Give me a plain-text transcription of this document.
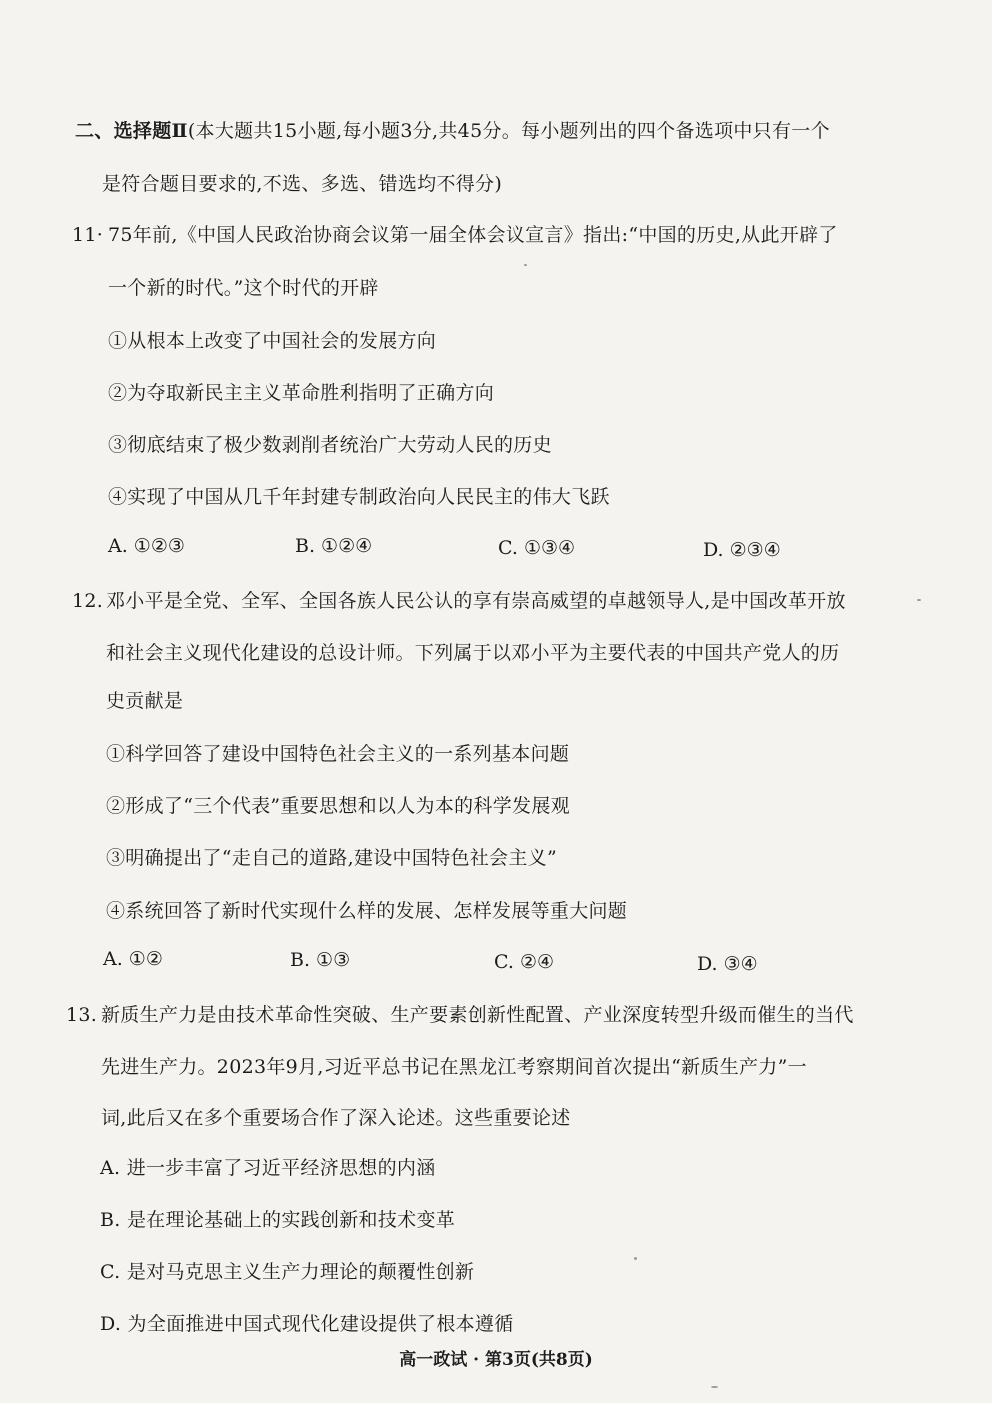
二、选择题Ⅱ(本大题共15小题,每小题3分,共45分。每小题列出的四个备选项中只有一个
是符合题目要求的,不选、多选、错选均不得分)
11· 75年前,《中国人民政治协商会议第一届全体会议宣言》指出:“中国的历史,从此开辟了
一个新的时代。”这个时代的开辟
①从根本上改变了中国社会的发展方向
②为夺取新民主主义革命胜利指明了正确方向
③彻底结束了极少数剥削者统治广大劳动人民的历史
④实现了中国从几千年封建专制政治向人民民主的伟大飞跃
A. ①②③	B. ①②④	C. ①③④	D. ②③④
12. 邓小平是全党、全军、全国各族人民公认的享有崇高威望的卓越领导人,是中国改革开放
和社会主义现代化建设的总设计师。下列属于以邓小平为主要代表的中国共产党人的历
史贡献是
①科学回答了建设中国特色社会主义的一系列基本问题
②形成了“三个代表”重要思想和以人为本的科学发展观
③明确提出了“走自己的道路,建设中国特色社会主义”
④系统回答了新时代实现什么样的发展、怎样发展等重大问题
A. ①②	B. ①③	C. ②④	D. ③④
13. 新质生产力是由技术革命性突破、生产要素创新性配置、产业深度转型升级而催生的当代
先进生产力。2023年9月,习近平总书记在黑龙江考察期间首次提出“新质生产力”一
词,此后又在多个重要场合作了深入论述。这些重要论述
A. 进一步丰富了习近平经济思想的内涵
B. 是在理论基础上的实践创新和技术变革
C. 是对马克思主义生产力理论的颠覆性创新
D. 为全面推进中国式现代化建设提供了根本遵循
高一政试 · 第3页(共8页)
